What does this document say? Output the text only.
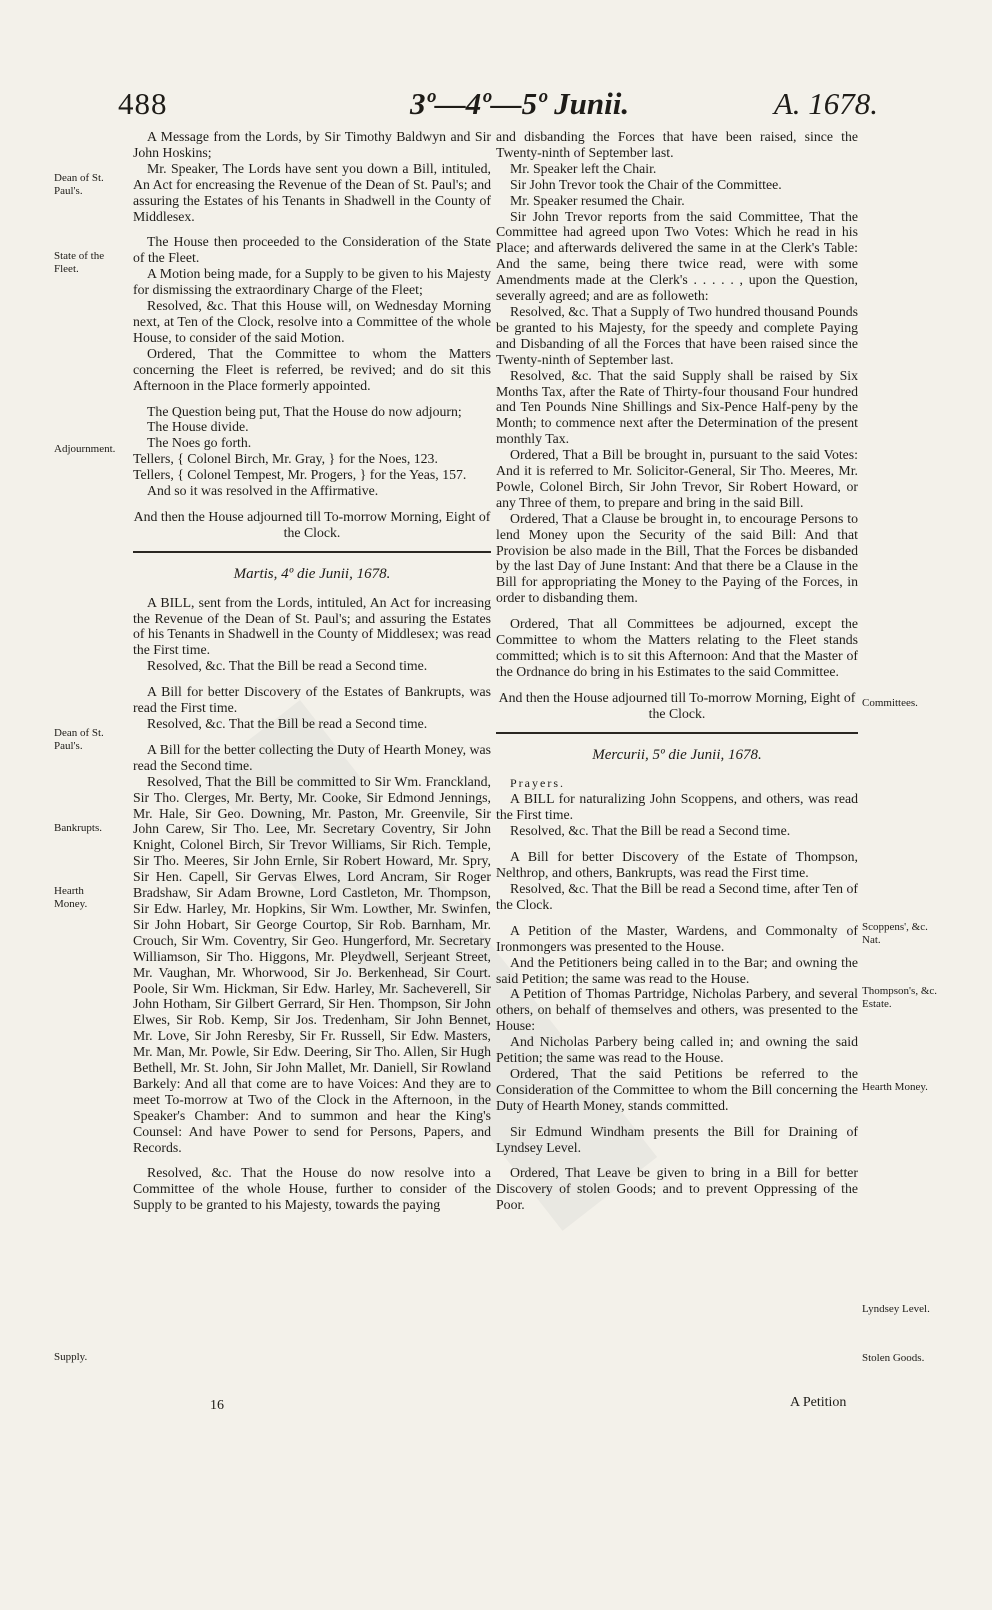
488	3º—4º—5º Junii.	A. 1678.

A Message from the Lords, by Sir Timothy Baldwyn and Sir John Hoskins;

Mr. Speaker, The Lords have sent you down a Bill, intituled, An Act for encreasing the Revenue of the Dean of St. Paul's; and assuring the Estates of his Tenants in Shadwell in the County of Middlesex.

The House then proceeded to the Consideration of the State of the Fleet.

A Motion being made, for a Supply to be given to his Majesty for dismissing the extraordinary Charge of the Fleet;

Resolved, &c. That this House will, on Wednesday Morning next, at Ten of the Clock, resolve into a Committee of the whole House, to consider of the said Motion.

Ordered, That the Committee to whom the Matters concerning the Fleet is referred, be revived; and do sit this Afternoon in the Place formerly appointed.

The Question being put, That the House do now adjourn;

The House divide.

The Noes go forth.

Tellers, { Colonel Birch, Mr. Gray, } for the Noes, 123.

Tellers, { Colonel Tempest, Mr. Progers, } for the Yeas, 157.

And so it was resolved in the Affirmative.

And then the House adjourned till To-morrow Morning, Eight of the Clock.

Martis, 4º die Junii, 1678.

A BILL, sent from the Lords, intituled, An Act for increasing the Revenue of the Dean of St. Paul's; and assuring the Estates of his Tenants in Shadwell in the County of Middlesex; was read the First time.

Resolved, &c. That the Bill be read a Second time.

A Bill for better Discovery of the Estates of Bankrupts, was read the First time.

Resolved, &c. That the Bill be read a Second time.

A Bill for the better collecting the Duty of Hearth Money, was read the Second time.

Resolved, That the Bill be committed to Sir Wm. Franckland, Sir Tho. Clerges, Mr. Berty, Mr. Cooke, Sir Edmond Jennings, Mr. Hale, Sir Geo. Downing, Mr. Paston, Mr. Greenvile, Sir John Carew, Sir Tho. Lee, Mr. Secretary Coventry, Sir John Knight, Colonel Birch, Sir Trevor Williams, Sir Rich. Temple, Sir Tho. Meeres, Sir John Ernle, Sir Robert Howard, Mr. Spry, Sir Hen. Capell, Sir Gervas Elwes, Lord Ancram, Sir Roger Bradshaw, Sir Adam Browne, Lord Castleton, Mr. Thompson, Sir Edw. Harley, Mr. Hopkins, Sir Wm. Lowther, Mr. Swinfen, Sir John Hobart, Sir George Courtop, Sir Rob. Barnham, Mr. Crouch, Sir Wm. Coventry, Sir Geo. Hungerford, Mr. Secretary Williamson, Sir Tho. Higgons, Mr. Pleydwell, Serjeant Street, Mr. Vaughan, Mr. Whorwood, Sir Jo. Berkenhead, Sir Court. Poole, Sir Wm. Hickman, Sir Edw. Harley, Mr. Sacheverell, Sir John Hotham, Sir Gilbert Gerrard, Sir Hen. Thompson, Sir John Elwes, Sir Rob. Kemp, Sir Jos. Tredenham, Sir John Bennet, Mr. Love, Sir John Reresby, Sir Fr. Russell, Sir Edw. Masters, Mr. Man, Mr. Powle, Sir Edw. Deering, Sir Tho. Allen, Sir Hugh Bethell, Mr. St. John, Sir John Mallet, Mr. Daniell, Sir Rowland Barkely: And all that come are to have Voices: And they are to meet To-morrow at Two of the Clock in the Afternoon, in the Speaker's Chamber: And to summon and hear the King's Counsel: And have Power to send for Persons, Papers, and Records.

Resolved, &c. That the House do now resolve into a Committee of the whole House, further to consider of the Supply to be granted to his Majesty, towards the paying

and disbanding the Forces that have been raised, since the Twenty-ninth of September last.

Mr. Speaker left the Chair.

Sir John Trevor took the Chair of the Committee.

Mr. Speaker resumed the Chair.

Sir John Trevor reports from the said Committee, That the Committee had agreed upon Two Votes: Which he read in his Place; and afterwards delivered the same in at the Clerk's Table: And the same, being there twice read, were with some Amendments made at the Clerk's . . . . . , upon the Question, severally agreed; and are as followeth:

Resolved, &c. That a Supply of Two hundred thousand Pounds be granted to his Majesty, for the speedy and complete Paying and Disbanding of all the Forces that have been raised since the Twenty-ninth of September last.

Resolved, &c. That the said Supply shall be raised by Six Months Tax, after the Rate of Thirty-four thousand Four hundred and Ten Pounds Nine Shillings and Six-Pence Half-peny by the Month; to commence next after the Determination of the present monthly Tax.

Ordered, That a Bill be brought in, pursuant to the said Votes: And it is referred to Mr. Solicitor-General, Sir Tho. Meeres, Mr. Powle, Colonel Birch, Sir John Trevor, Sir Robert Howard, or any Three of them, to prepare and bring in the said Bill.

Ordered, That a Clause be brought in, to encourage Persons to lend Money upon the Security of the said Bill: And that Provision be also made in the Bill, That the Forces be disbanded by the last Day of June Instant: And that there be a Clause in the Bill for appropriating the Money to the Paying of the Forces, in order to disbanding them.

Ordered, That all Committees be adjourned, except the Committee to whom the Matters relating to the Fleet stands committed; which is to sit this Afternoon: And that the Master of the Ordnance do bring in his Estimates to the said Committee.

And then the House adjourned till To-morrow Morning, Eight of the Clock.

Mercurii, 5º die Junii, 1678.

Prayers.

A BILL for naturalizing John Scoppens, and others, was read the First time.

Resolved, &c. That the Bill be read a Second time.

A Bill for better Discovery of the Estate of Thompson, Nelthrop, and others, Bankrupts, was read the First time.

Resolved, &c. That the Bill be read a Second time, after Ten of the Clock.

A Petition of the Master, Wardens, and Commonalty of Ironmongers was presented to the House.

And the Petitioners being called in to the Bar; and owning the said Petition; the same was read to the House.

A Petition of Thomas Partridge, Nicholas Parbery, and several others, on behalf of themselves and others, was presented to the House:

And Nicholas Parbery being called in; and owning the said Petition; the same was read to the House.

Ordered, That the said Petitions be referred to the Consideration of the Committee to whom the Bill concerning the Duty of Hearth Money, stands committed.

Sir Edmund Windham presents the Bill for Draining of Lyndsey Level.

Ordered, That Leave be given to bring in a Bill for better Discovery of stolen Goods; and to prevent Oppressing of the Poor.

Dean of St. Paul's.
State of the Fleet.
Adjournment.
Dean of St. Paul's.
Bankrupts.
Hearth Money.
Supply.
Committees.
Scoppens', &c. Nat.
Thompson's, &c. Estate.
Hearth Money.
Lyndsey Level.
Stolen Goods.
16	A Petition
